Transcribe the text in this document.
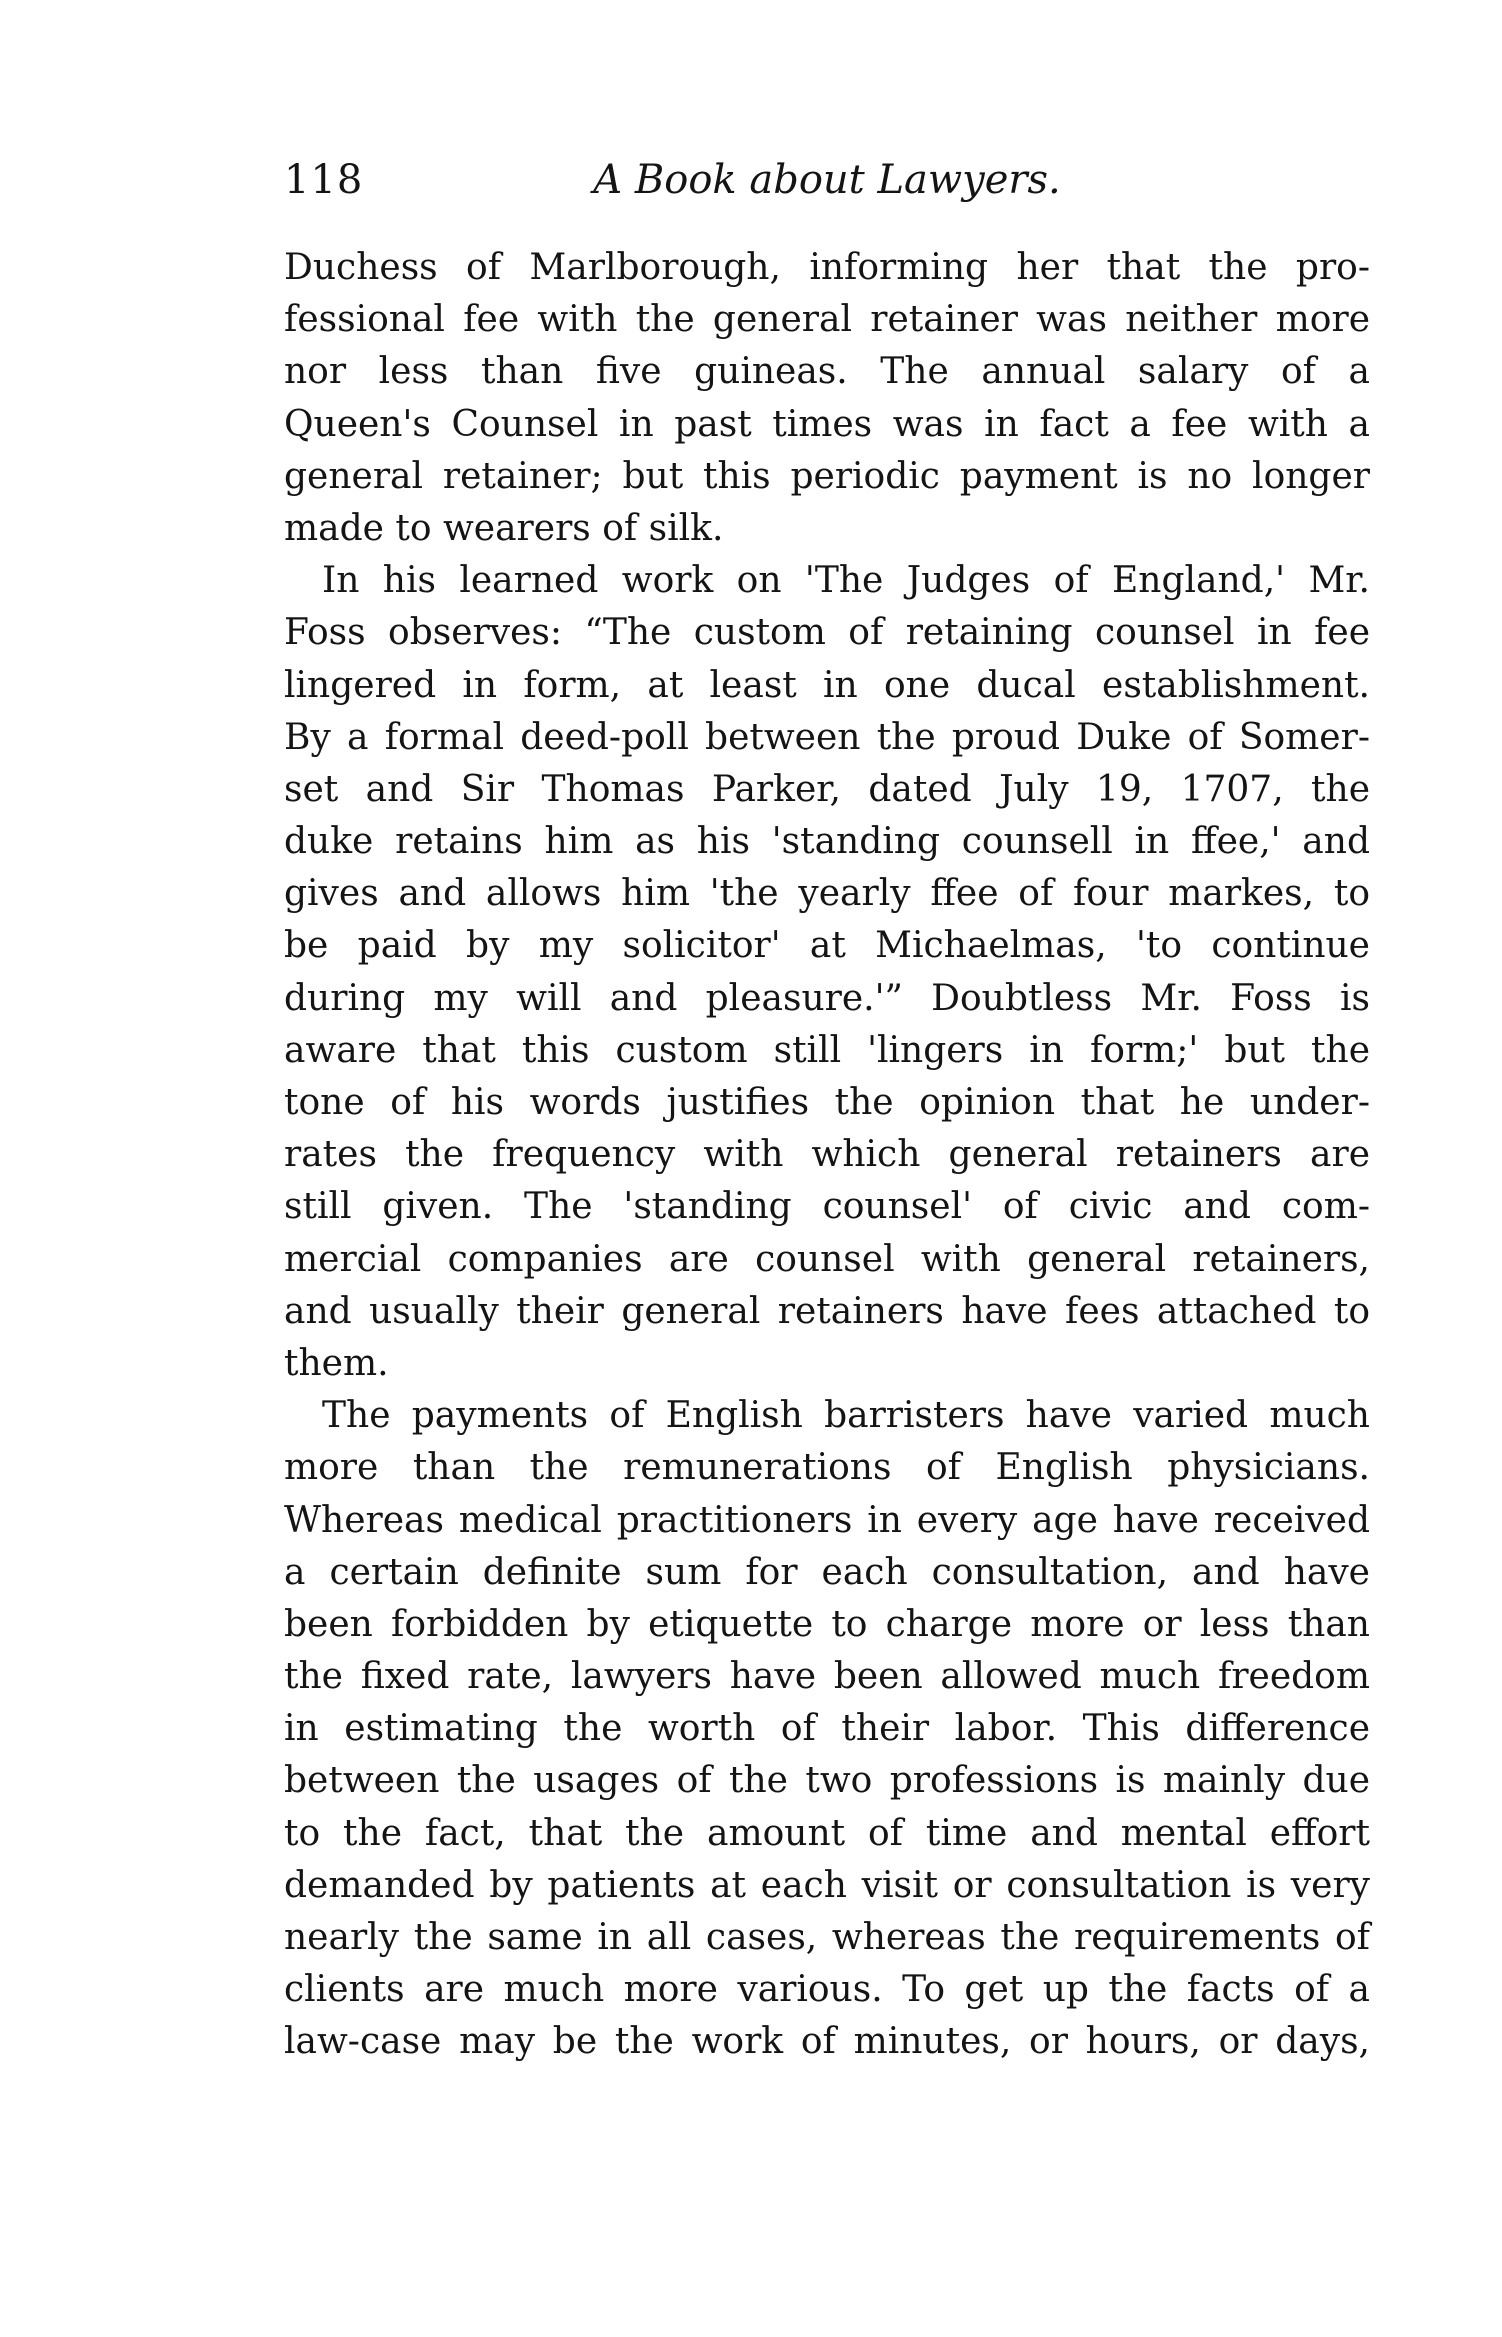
118	A Book about Lawyers.
Duchess of Marlborough, informing her that the pro-
fessional fee with the general retainer was neither more
nor less than five guineas. The annual salary of a
Queen's Counsel in past times was in fact a fee with a
general retainer; but this periodic payment is no longer
made to wearers of silk.
In his learned work on 'The Judges of England,' Mr.
Foss observes: “The custom of retaining counsel in fee
lingered in form, at least in one ducal establishment.
By a formal deed-poll between the proud Duke of Somer-
set and Sir Thomas Parker, dated July 19, 1707, the
duke retains him as his 'standing counsell in ffee,' and
gives and allows him 'the yearly ffee of four markes, to
be paid by my solicitor' at Michaelmas, 'to continue
during my will and pleasure.'” Doubtless Mr. Foss is
aware that this custom still 'lingers in form;' but the
tone of his words justifies the opinion that he under-
rates the frequency with which general retainers are
still given. The 'standing counsel' of civic and com-
mercial companies are counsel with general retainers,
and usually their general retainers have fees attached to
them.
The payments of English barristers have varied much
more than the remunerations of English physicians.
Whereas medical practitioners in every age have received
a certain definite sum for each consultation, and have
been forbidden by etiquette to charge more or less than
the fixed rate, lawyers have been allowed much freedom
in estimating the worth of their labor. This difference
between the usages of the two professions is mainly due
to the fact, that the amount of time and mental effort
demanded by patients at each visit or consultation is very
nearly the same in all cases, whereas the requirements of
clients are much more various. To get up the facts of a
law-case may be the work of minutes, or hours, or days,
